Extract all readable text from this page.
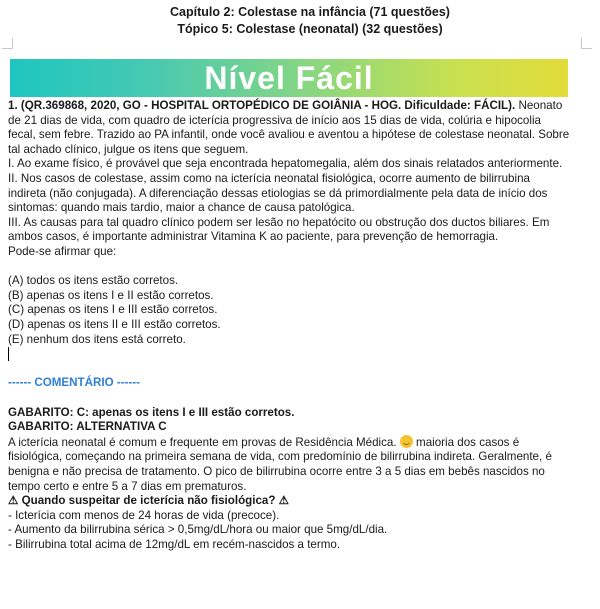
Capítulo 2: Colestase na infância (71 questões)
Tópico 5: Colestase (neonatal) (32 questões)
Nível Fácil

1. (QR.369868, 2020, GO - HOSPITAL ORTOPÉDICO DE GOIÂNIA - HOG. Dificuldade: FÁCIL). Neonato de 21 dias de vida, com quadro de icterícia progressiva de início aos 15 dias de vida, colúria e hipocolia fecal, sem febre. Trazido ao PA infantil, onde você avaliou e aventou a hipótese de colestase neonatal. Sobre tal achado clínico, julgue os itens que seguem.

I. Ao exame físico, é provável que seja encontrada hepatomegalia, além dos sinais relatados anteriormente.

II. Nos casos de colestase, assim como na icterícia neonatal fisiológica, ocorre aumento de bilirrubina indireta (não conjugada). A diferenciação dessas etiologias se dá primordialmente pela data de início dos sintomas: quando mais tardio, maior a chance de causa patológica.

III. As causas para tal quadro clínico podem ser lesão no hepatócito ou obstrução dos ductos biliares. Em ambos casos, é importante administrar Vitamina K ao paciente, para prevenção de hemorragia.

Pode-se afirmar que:

(A) todos os itens estão corretos.

(B) apenas os itens I e II estão corretos.

(C) apenas os itens I e III estão corretos.

(D) apenas os itens II e III estão corretos.

(E) nenhum dos itens está correto.

------ COMENTÁRIO ------

GABARITO: C: apenas os itens I e III estão corretos.

GABARITO: ALTERNATIVA C

A icterícia neonatal é comum e frequente em provas de Residência Médica.  maioria dos casos é fisiológica, começando na primeira semana de vida, com predomínio de bilirrubina indireta. Geralmente, é benigna e não precisa de tratamento. O pico de bilirrubina ocorre entre 3 a 5 dias em bebês nascidos no tempo certo e entre 5 a 7 dias em prematuros.

⚠ Quando suspeitar de icterícia não fisiológica? ⚠

- Icterícia com menos de 24 horas de vida (precoce).

- Aumento da bilirrubina sérica > 0,5mg/dL/hora ou maior que 5mg/dL/dia.

- Bilirrubina total acima de 12mg/dL em recém-nascidos a termo.
